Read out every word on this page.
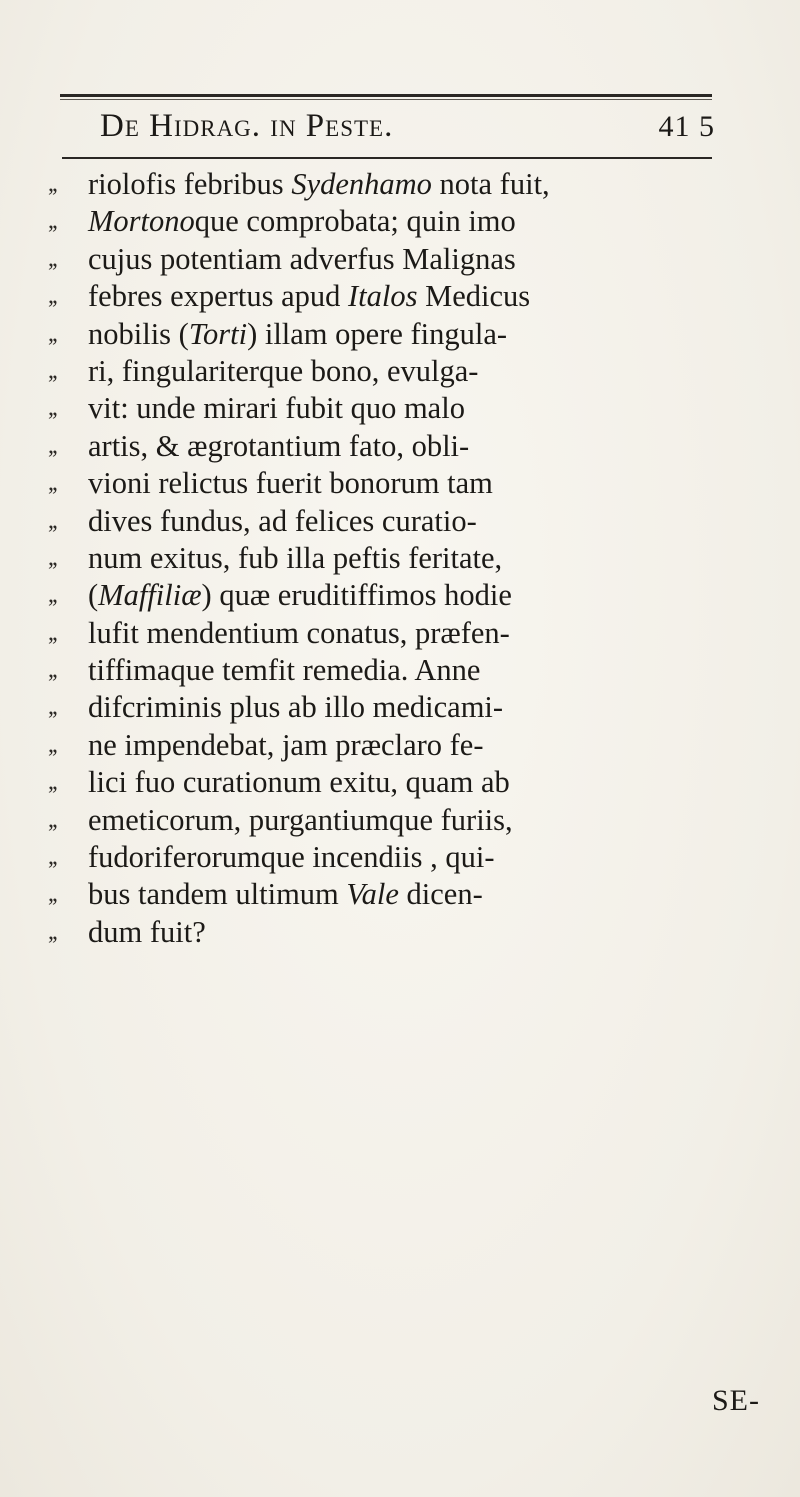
De Hidrag. in Peste.	41 5
,,	riolofis febribus Sydenhamo nota fuit,
,,	Mortonoque comprobata; quin imo
,,	cujus potentiam adverfus Malignas
,,	febres expertus apud Italos Medicus
,,	nobilis (Torti) illam opere fingula-
,,	ri, fingulariterque bono, evulga-
,,	vit: unde mirari fubit quo malo
,,	artis, & ægrotantium fato, obli-
,,	vioni relictus fuerit bonorum tam
,,	dives fundus, ad felices curatio-
,,	num exitus, fub illa peftis feritate,
,,	(Maffiliæ) quæ eruditiffimos hodie
,,	lufit mendentium conatus, præfen-
,,	tiffimaque temfit remedia. Anne
,,	difcriminis plus ab illo medicami-
,,	ne impendebat, jam præclaro fe-
,,	lici fuo curationum exitu, quam ab
,,	emeticorum, purgantiumque furiis,
,,	fudoriferorumque incendiis , qui-
,,	bus tandem ultimum Vale dicen-
,,	dum fuit?
SE-
